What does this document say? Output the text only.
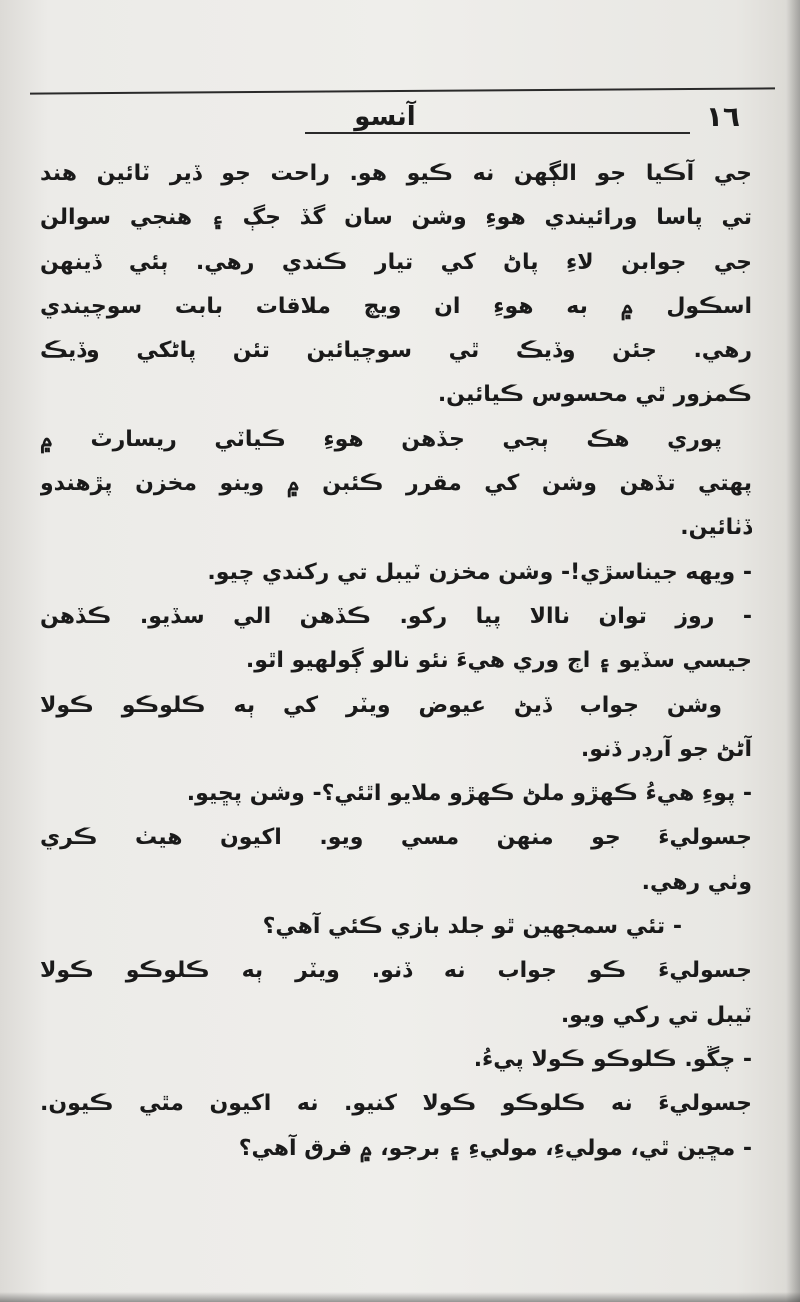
آنسو	١٦
جي آڪيا جو الڳهن نه ڪيو هو. راحت جو ڏير ٽائين هند
تي پاسا ورائيندي هوءِ وشن سان گڏ جڳ ۽ هنجي سوالن
جي جوابن لاءِ پاڻ کي تيار ڪندي رهي. ٻئي ڏينهن
اسڪول ۾ به هوءِ ان ويچ ملاقات بابت سوچيندي
رهي. جئن وڏيڪ ٿي سوچيائين تئن پاڻکي وڏيڪ
ڪمزور ٿي محسوس ڪيائين.
پوري هڪ ٻجي جڏهن هوءِ ڪياٽي ريسارٽ ۾
پهتي تڏهن وشن کي مقرر ڪئبن ۾ وينو مخزن پڙهندو
ڏٺائين.
- ويهه جيناسڙي!- وشن مخزن ٽيبل تي رکندي چيو.
- روز توان ناالا پيا رکو. ڪڏهن الي سڏيو. ڪڏهن
جيسي سڏيو ۽ اڄ وري هيءَ نئو نالو ڳولهيو اٿو.
وشن جواب ڏيڻ عيوض ويٽر کي ٻه ڪلوڪو ڪولا
آڻڻ جو آرڊر ڏنو.
- پوءِ هيءُ ڪهڙو ملڻ ڪهڙو ملايو اٿئي؟- وشن پڇيو.
جسوليءَ جو منهن مسي ويو. اکيون هيٺ ڪري
وٺي رهي.
- تئي سمجهين ٿو جلد بازي ڪئي آهي؟
جسوليءَ ڪو جواب نه ڏنو. ويٽر ٻه ڪلوڪو ڪولا
ٽيبل تي رکي ويو.
- چڱو. ڪلوڪو ڪولا پيءُ.
جسوليءَ نه ڪلوڪو ڪولا کنيو. نه اکيون مٿي ڪيون.
- مڇين ٿي، موليءِ، موليءِ ۽ برجو، ۾ فرق آهي؟
